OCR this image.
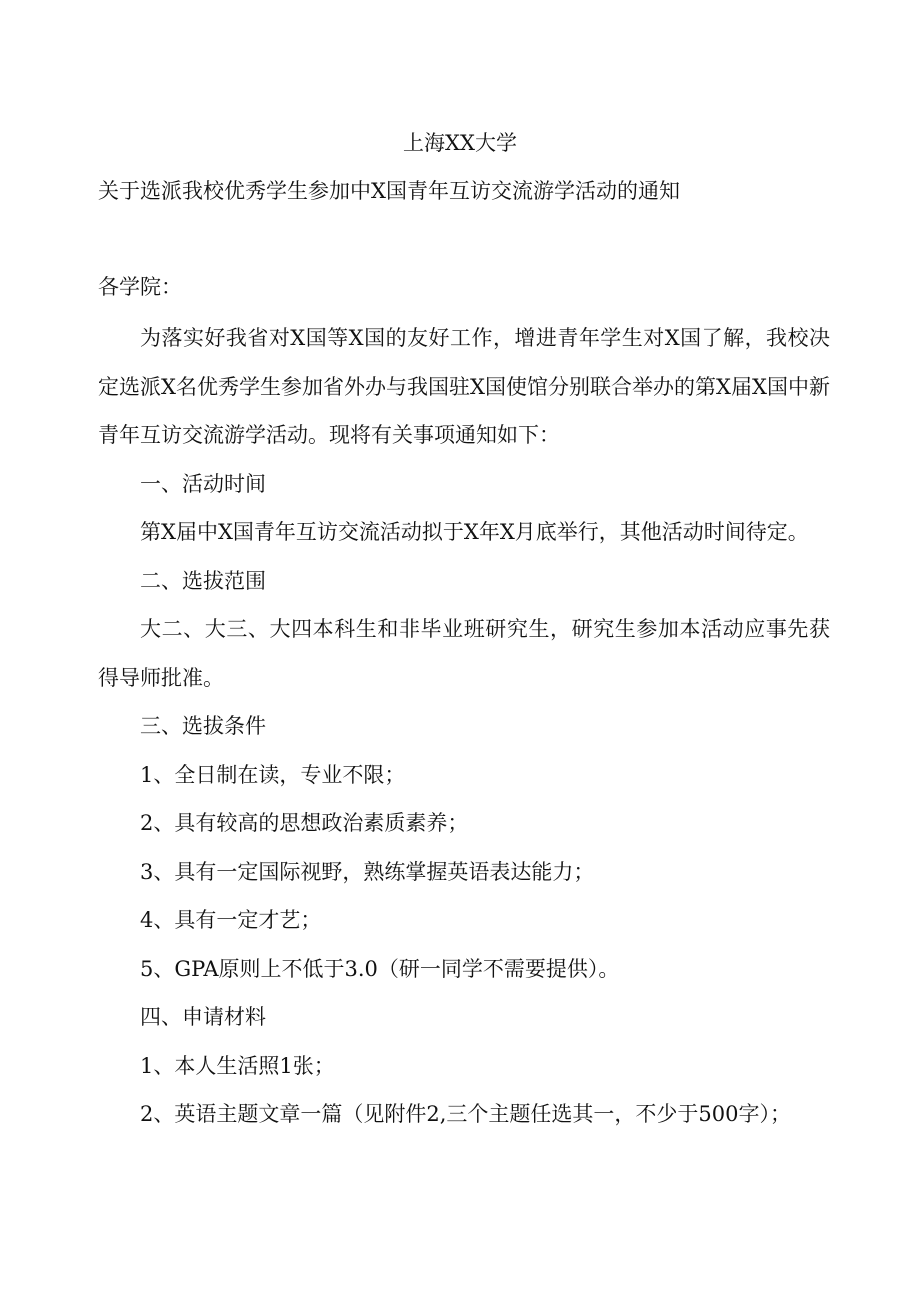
上海XX大学
关于选派我校优秀学生参加中X国青年互访交流游学活动的通知
各学院：

为落实好我省对X国等X国的友好工作，增进青年学生对X国了解，我校决定选派X名优秀学生参加省外办与我国驻X国使馆分别联合举办的第X届X国中新青年互访交流游学活动。现将有关事项通知如下：

一、活动时间

第X届中X国青年互访交流活动拟于X年X月底举行，其他活动时间待定。

二、选拔范围

大二、大三、大四本科生和非毕业班研究生，研究生参加本活动应事先获得导师批准。

三、选拔条件

1、全日制在读，专业不限；

2、具有较高的思想政治素质素养；

3、具有一定国际视野，熟练掌握英语表达能力；

4、具有一定才艺；

5、GPA原则上不低于3.0（研一同学不需要提供）。

四、申请材料

1、本人生活照1张；

2、英语主题文章一篇（见附件2,三个主题任选其一，不少于500字）；
